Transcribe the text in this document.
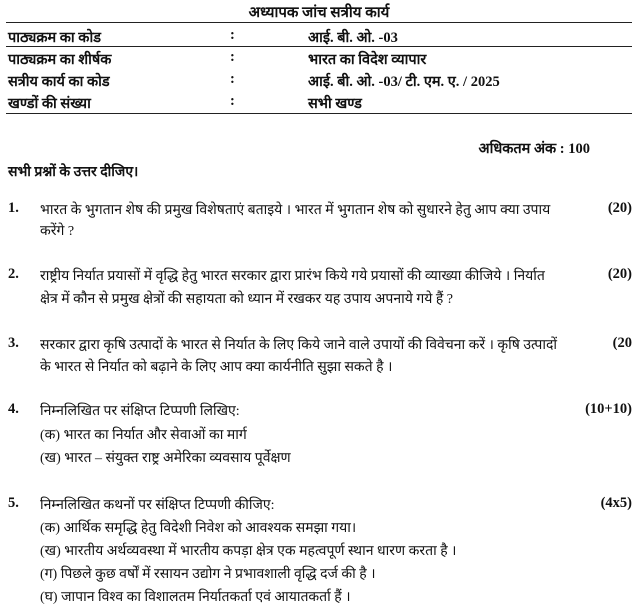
अध्यापक जांच सत्रीय कार्य
पाठ्यक्रम का कोड	:	आई. बी. ओ. -03
पाठ्यक्रम का शीर्षक	:	भारत का विदेश व्यापार
सत्रीय कार्य का कोड	:	आई. बी. ओ. -03/ टी. एम. ए. / 2025
खण्डों की संख्या	:	सभी खण्ड
अधिकतम अंक : 100
सभी प्रश्नों के उत्तर दीजिए।
1. भारत के भुगतान शेष की प्रमुख विशेषताएं बताइये । भारत में भुगतान शेष को सुधारने हेतु आप क्या उपाय
करेंगे ?
(20)
2. राष्ट्रीय निर्यात प्रयासों में वृद्धि हेतु भारत सरकार द्वारा प्रारंभ किये गये प्रयासों की व्याख्या कीजिये । निर्यात
क्षेत्र में कौन से प्रमुख क्षेत्रों की सहायता को ध्यान में रखकर यह उपाय अपनाये गये हैं ?
(20)
3. सरकार द्वारा कृषि उत्पादों के भारत से निर्यात के लिए किये जाने वाले उपायों की विवेचना करें । कृषि उत्पादों
के भारत से निर्यात को बढ़ाने के लिए आप क्या कार्यनीति सुझा सकते है ।
(20
4. निम्नलिखित पर संक्षिप्त टिप्पणी लिखिए:
(क) भारत का निर्यात और सेवाओं का मार्ग
(ख) भारत – संयुक्त राष्ट्र अमेरिका व्यवसाय पूर्वेक्षण
(10+10)
5. निम्नलिखित कथनों पर संक्षिप्त टिप्पणी कीजिए:
(क) आर्थिक समृद्धि हेतु विदेशी निवेश को आवश्यक समझा गया।
(ख) भारतीय अर्थव्यवस्था में भारतीय कपड़ा क्षेत्र एक महत्वपूर्ण स्थान धारण करता है ।
(ग) पिछले कुछ वर्षों में रसायन उद्योग ने प्रभावशाली वृद्धि दर्ज की है ।
(घ) जापान विश्व का विशालतम निर्यातकर्ता एवं आयातकर्ता हैं ।
(4x5)
